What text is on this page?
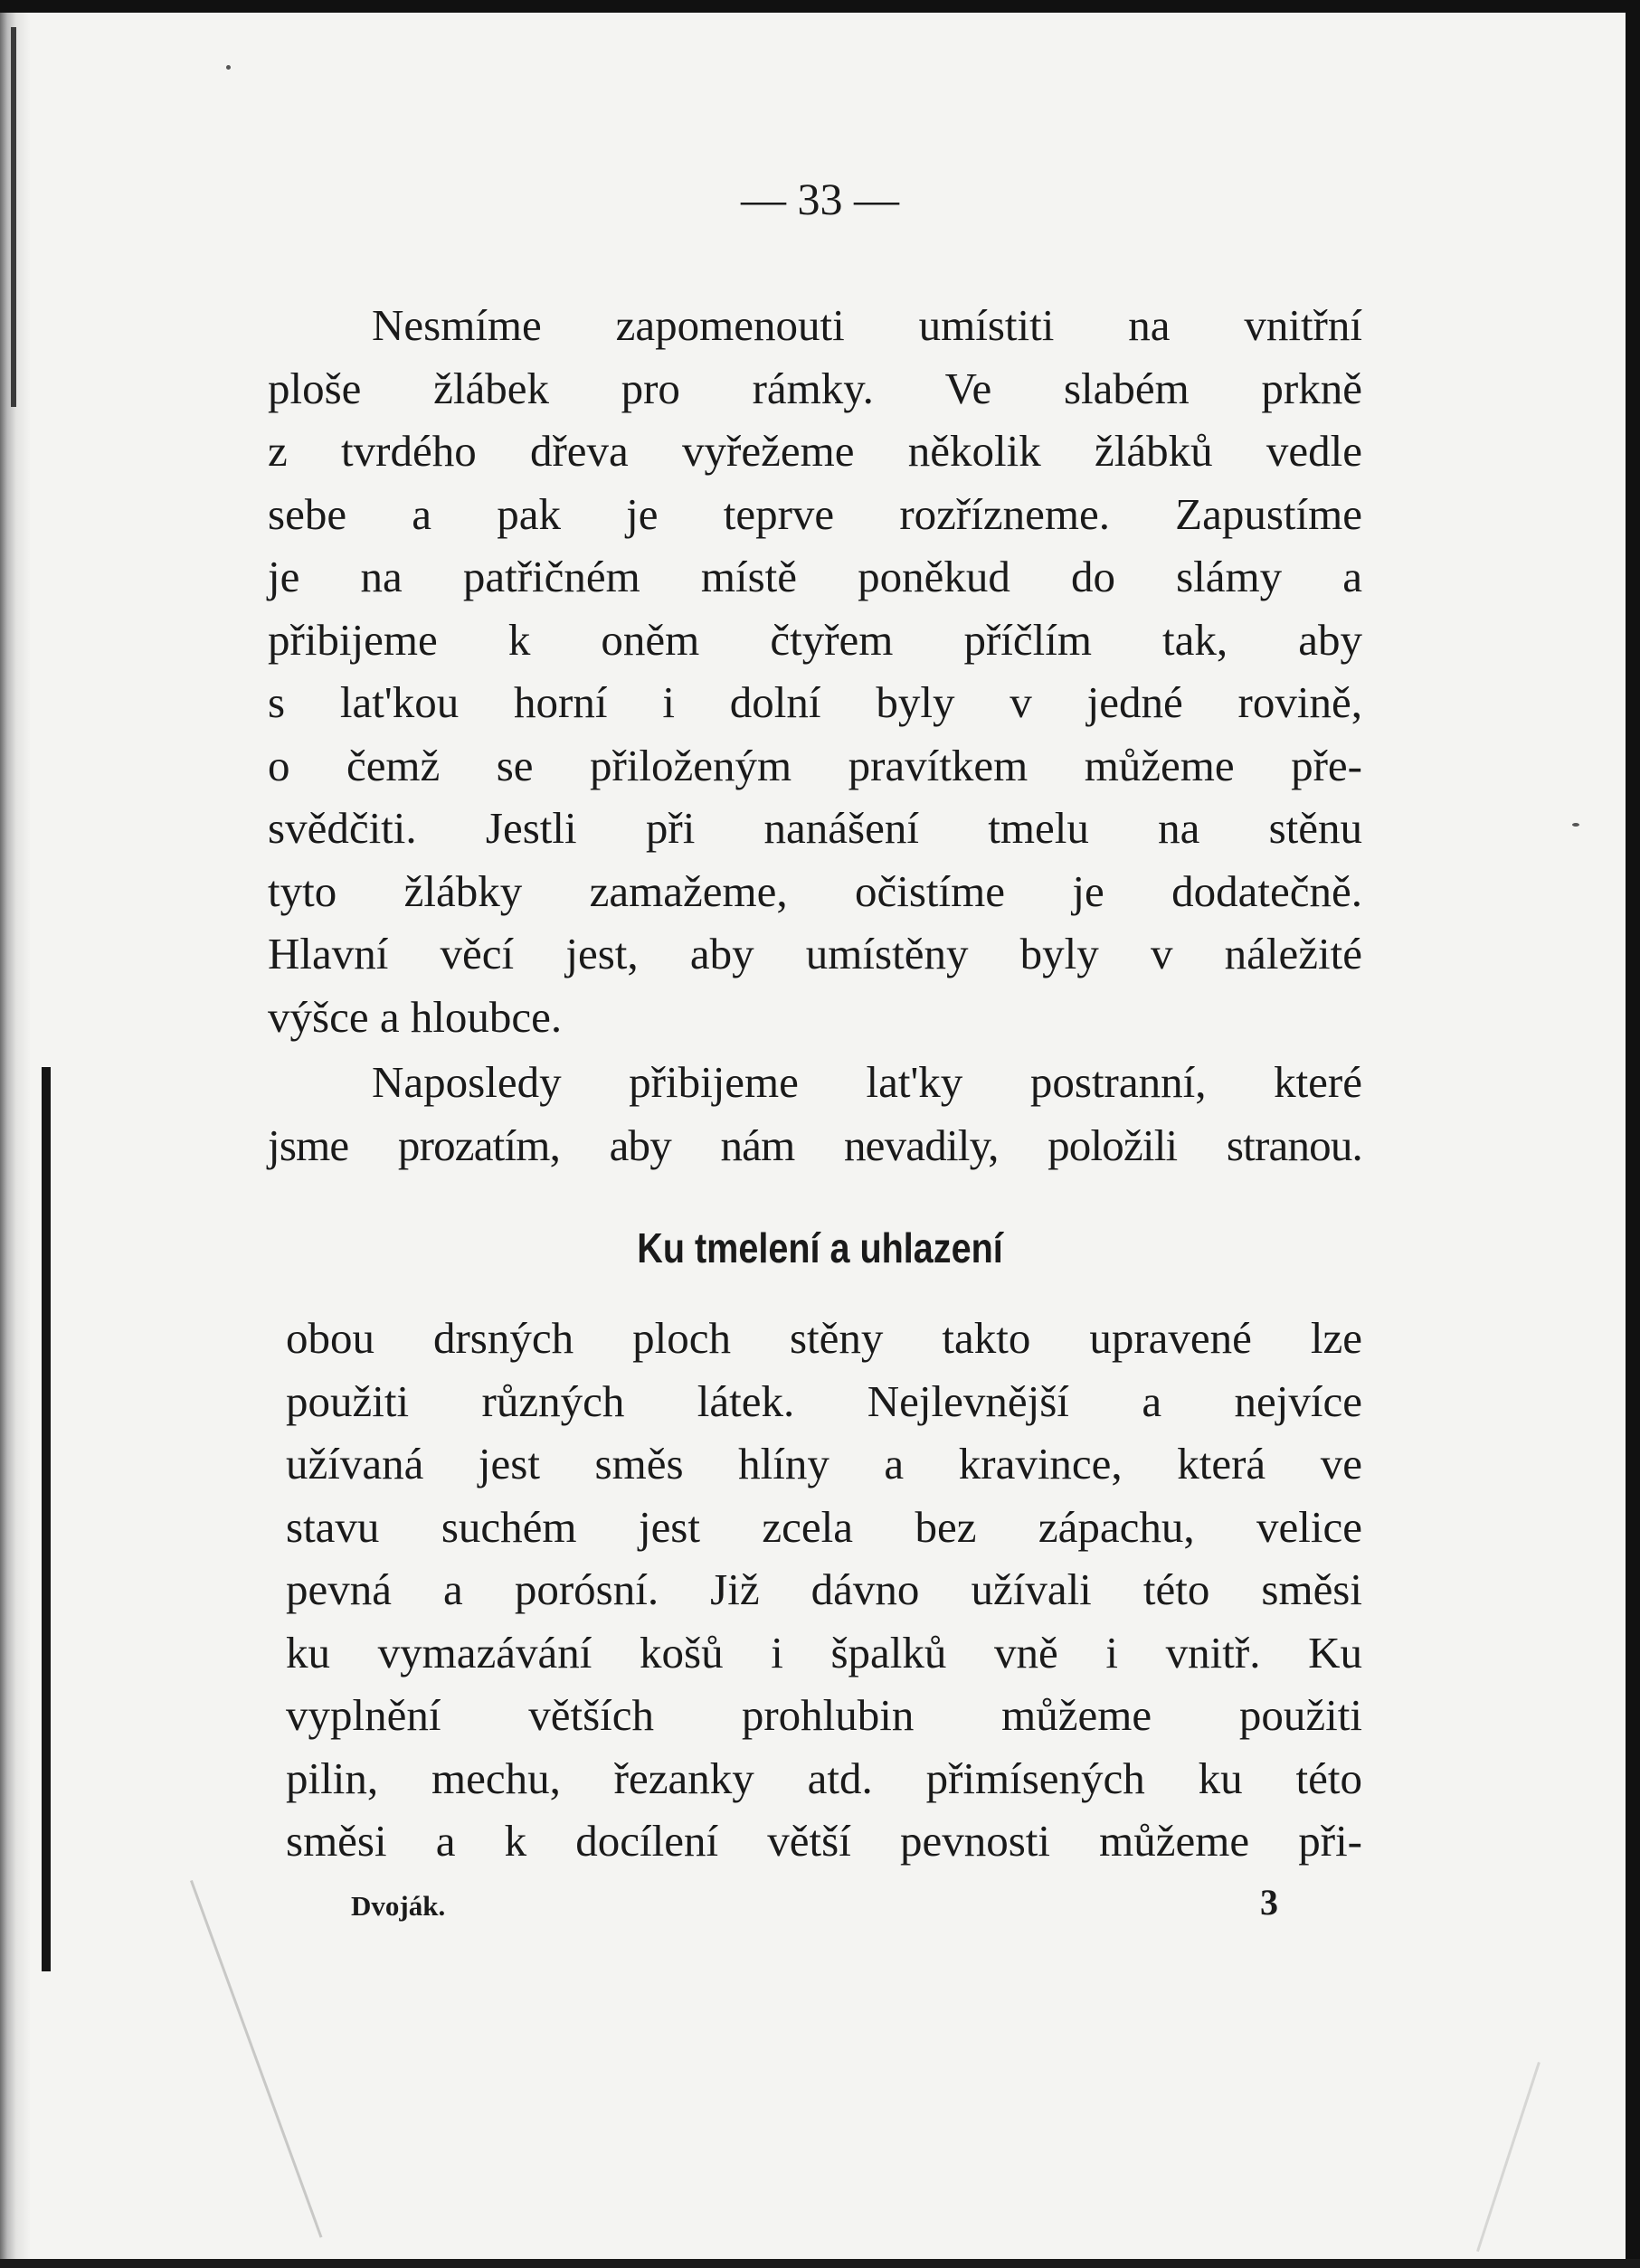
— 33 —
Nesmíme zapomenouti umístiti na vnitřní
ploše žlábek pro rámky. Ve slabém prkně
z tvrdého dřeva vyřežeme několik žlábků vedle
sebe a pak je teprve rozřízneme. Zapustíme
je na patřičném místě poněkud do slámy a
přibijeme k oněm čtyřem příčlím tak, aby
s lat'kou horní i dolní byly v jedné rovině,
o čemž se přiloženým pravítkem můžeme pře-
svědčiti. Jestli při nanášení tmelu na stěnu
tyto žlábky zamažeme, očistíme je dodatečně.
Hlavní věcí jest, aby umístěny byly v náležité
výšce a hloubce.
Naposledy přibijeme lat'ky postranní, které
jsme prozatím, aby nám nevadily, položili stranou.
Ku tmelení a uhlazení
obou drsných ploch stěny takto upravené lze
použiti různých látek. Nejlevnější a nejvíce
užívaná jest směs hlíny a kravince, která ve
stavu suchém jest zcela bez zápachu, velice
pevná a porósní. Již dávno užívali této směsi
ku vymazávání košů i špalků vně i vnitř. Ku
vyplnění větších prohlubin můžeme použiti
pilin, mechu, řezanky atd. přimísených ku této
směsi a k docílení větší pevnosti můžeme při-
Dvoják.	3
